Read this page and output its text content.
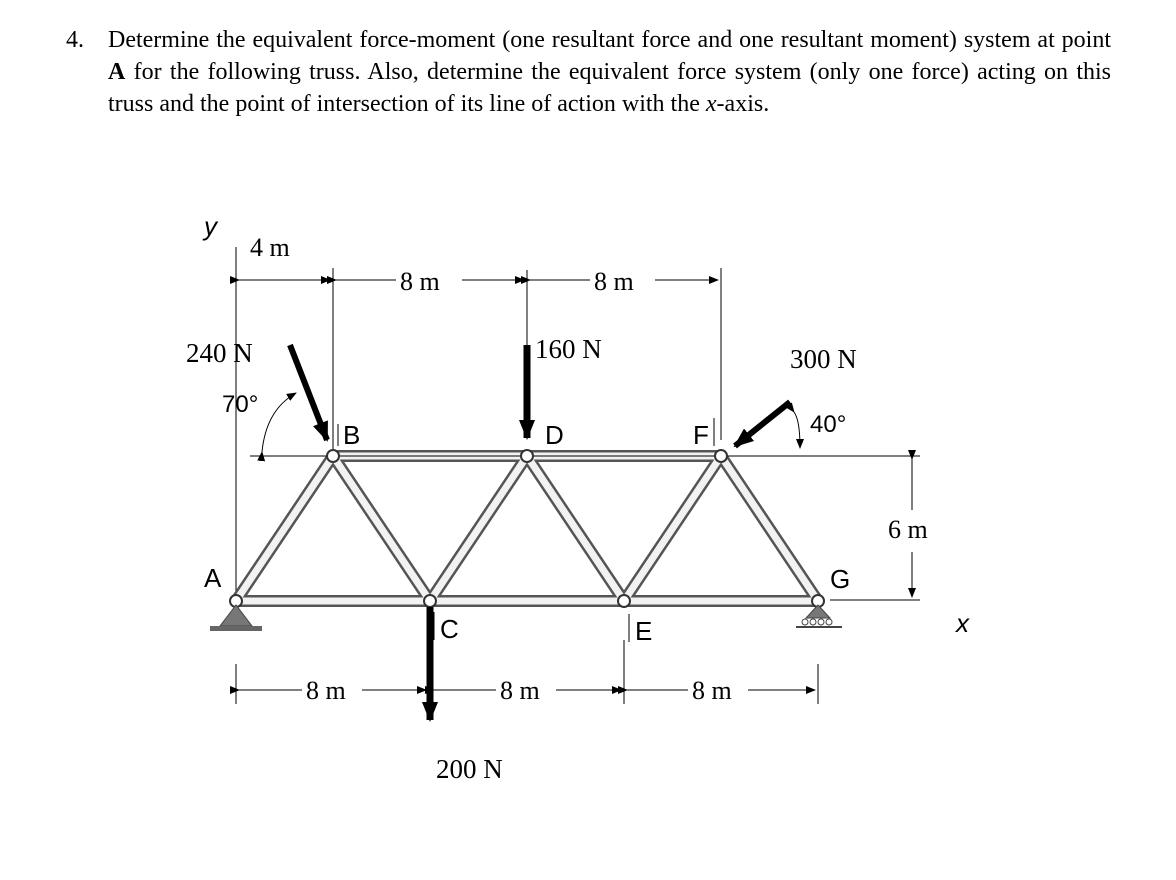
4. Determine the equivalent force-moment (one resultant force and one resultant moment) system at point A for the following truss. Also, determine the equivalent force system (only one force) acting on this truss and the point of intersection of its line of action with the x-axis.
y
4 m
8 m	8 m
x
A
B
C
D
E
F
G
240 N
70°
160 N	300 N
40°
200 N
8 m	8 m	8 m
6 m
